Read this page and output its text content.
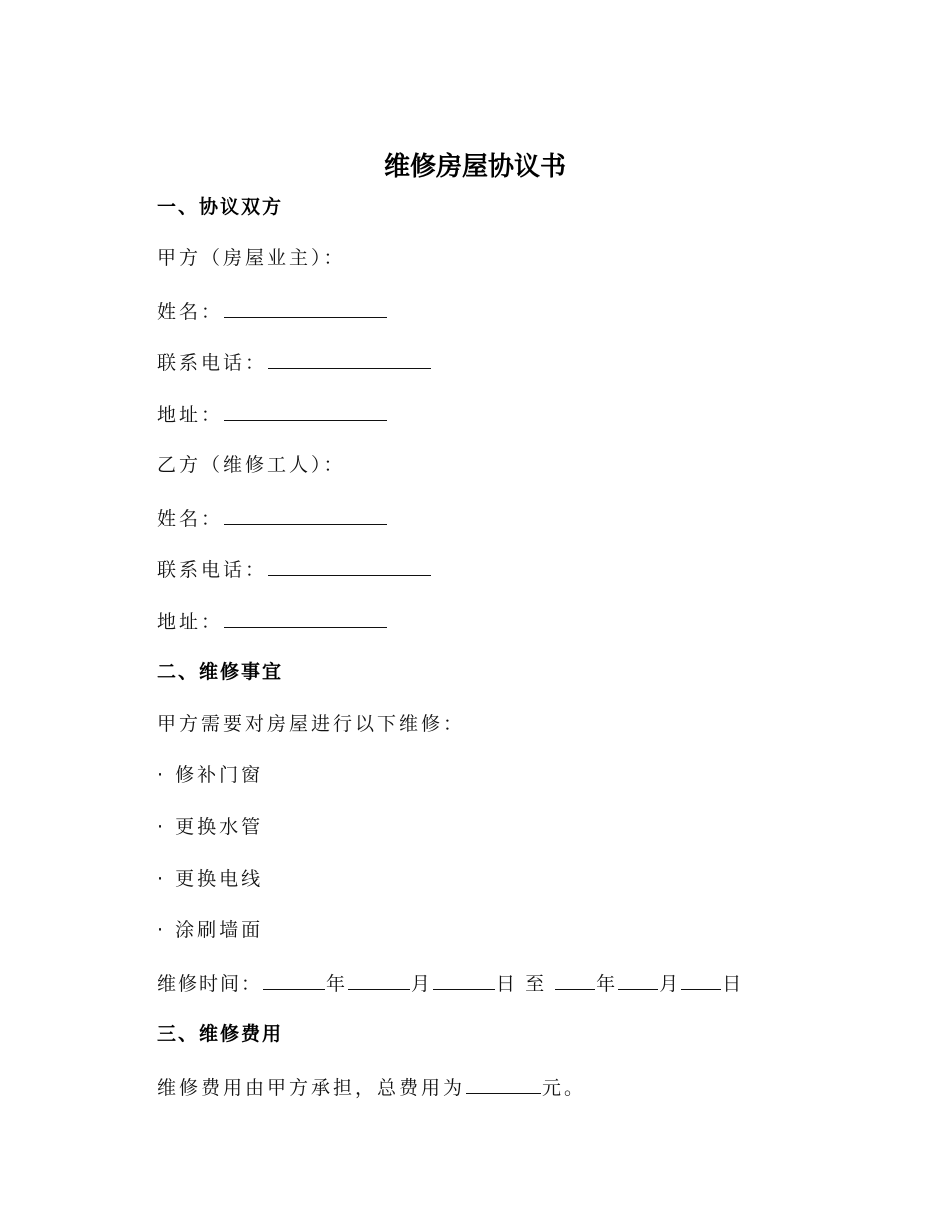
维修房屋协议书
一、协议双方
甲方（房屋业主）：
姓名：
联系电话：
地址：
乙方（维修工人）：
姓名：
联系电话：
地址：
二、维修事宜
甲方需要对房屋进行以下维修：
· 修补门窗
· 更换水管
· 更换电线
· 涂刷墙面
维修时间：	年	月	日 至	年 月 日
三、维修费用
维修费用由甲方承担，总费用为	元。
